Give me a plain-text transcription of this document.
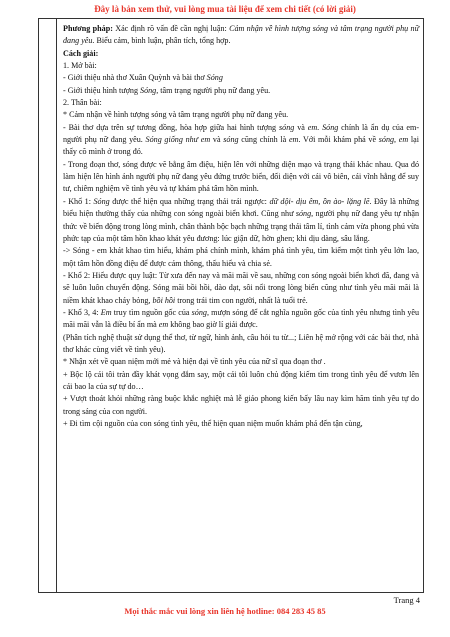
Đây là bản xem thử, vui lòng mua tài liệu để xem chi tiết (có lời giải)

Phương pháp: Xác định rõ vấn đề cần nghị luận: Cảm nhận về hình tượng sóng và tâm trạng người phụ nữ đang yêu. Biểu cảm, bình luận, phân tích, tổng hợp.

Cách giải:

1. Mở bài:

- Giới thiệu nhà thơ Xuân Quỳnh và bài thơ Sóng

- Giới thiệu hình tượng Sóng, tâm trạng người phụ nữ đang yêu.

2. Thân bài:

* Cảm nhận về hình tượng sóng và tâm trạng người phụ nữ đang yêu.

- Bài thơ dựa trên sự tương đồng, hòa hợp giữa hai hình tượng sóng và em. Sóng chính là ẩn dụ của em- người phụ nữ đang yêu. Sóng giống như em và sóng cũng chính là em. Với mỗi khám phá về sóng, em lại thấy cõ mình ở trong đó.

- Trong đoạn thơ, sóng được vẽ bằng âm điệu, hiện lên với những diện mạo và trạng thái khác nhau. Qua đó làm hiện lên hình ảnh người phụ nữ đang yêu đứng trước biển, đối diện với cái vô biên, cái vĩnh hằng để suy tư, chiêm nghiệm về tình yêu và tự khám phá tâm hồn mình.

- Khổ 1: Sóng được thể hiện qua những trạng thái trái ngược: dữ dội- dịu êm, ồn ào- lặng lẽ. Đây là những biểu hiện thường thấy của những con sóng ngoài biển khơi. Cũng như sóng, người phụ nữ đang yêu tự nhận thức về biến động trong lòng mình, chân thành bộc bạch những trạng thái tâm lí, tình cảm vừa phong phú vừa phức tạp của một tâm hồn khao khát yêu đương: lúc giận dữ, hờn ghen; khi dịu dàng, sâu lắng.

-> Sóng - em khát khao tìm hiểu, khám phá chính mình, khám phá tình yêu, tìm kiếm một tình yêu lớn lao, một tâm hồn đồng điệu để được cảm thông, thấu hiểu và chia sẻ.

- Khổ 2: Hiểu được quy luật: Từ xưa đến nay và mãi mãi về sau, những con sóng ngoài biển khơi đã, đang và sẽ luôn luôn chuyển động. Sóng mãi bồi hồi, dào dạt, sôi nổi trong lòng biển cũng như tình yêu mãi mãi là niềm khát khao cháy bỏng, bồi hồi trong trái tim con người, nhất là tuổi trẻ.

- Khổ 3, 4: Em truy tìm nguồn gốc của sóng, mượn sóng để cắt nghĩa nguồn gốc của tình yêu nhưng tình yêu mãi mãi vẫn là điều bí ẩn mà em không bao giờ lí giải được.

(Phân tích nghệ thuật sử dụng thể thơ, từ ngữ, hình ảnh, câu hỏi tu từ...; Liên hệ mở rộng với các bài thơ, nhà thơ khác cùng viết về tình yêu).

* Nhận xét về quan niệm mới mẻ và hiện đại về tình yêu của nữ sĩ qua đoạn thơ .

+ Bộc lộ cái tôi tràn đầy khát vọng đắm say, một cái tôi luôn chủ động kiếm tìm trong tình yêu để vươn lên cái bao la của sự tự do…

+ Vượt thoát khỏi những ràng buộc khắc nghiệt mà lễ giáo phong kiến bấy lâu nay kìm hãm tình yêu tự do trong sáng của con người.

+ Đi tìm cội nguồn của con sóng tình yêu, thể hiện quan niệm muốn khám phá đến tận cùng,

Trang 4
Mọi thắc mắc vui lòng xin liên hệ hotline: 084 283 45 85
